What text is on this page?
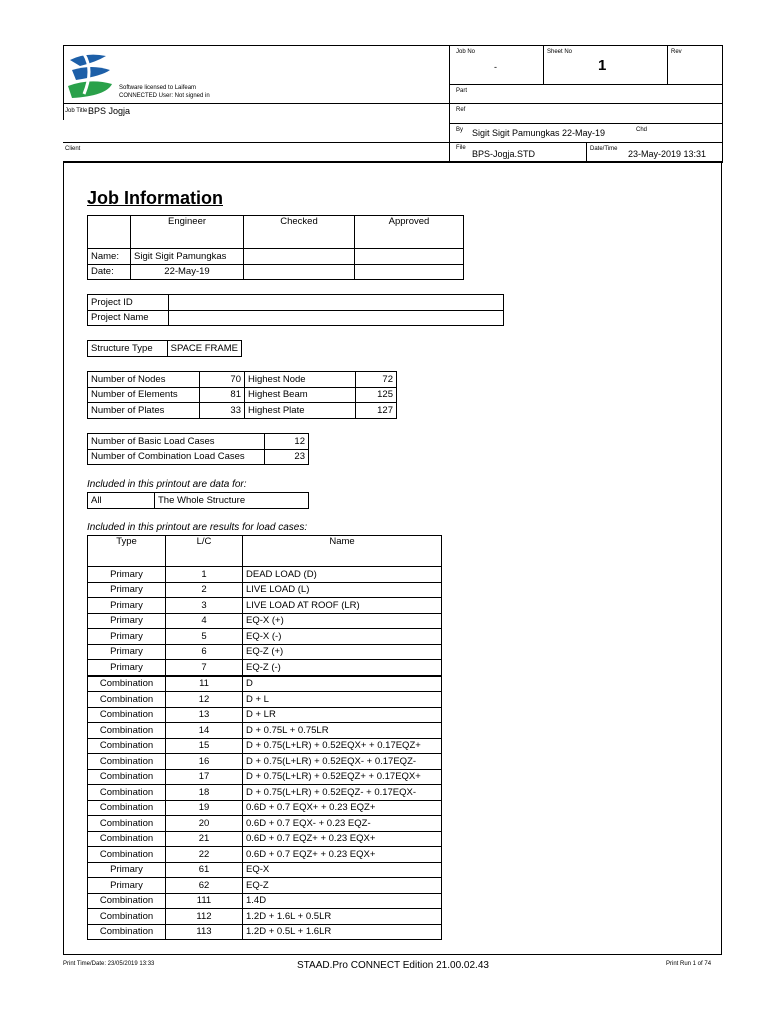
Software licensed to Laifeam
CONNECTED User: Not signed in
Job No
-
Sheet No
1
Rev
Part
Ref
Job Title BPS Jogja
By Sigit Sigit Pamungkas 22-May-19	Chd
Client	File
BPS-Jogja.STD	Date/Time 23-May-2019 13:31
Job Information
	Engineer	Checked	Approved
Name:	Sigit Sigit Pamungkas		
Date:	22-May-19		
Project ID	
Project Name	
Structure Type	SPACE FRAME
Number of Nodes	70	Highest Node	72
Number of Elements	81	Highest Beam	125
Number of Plates	33	Highest Plate	127
Number of Basic Load Cases	12
Number of Combination Load Cases	23
Included in this printout are data for:
All	The Whole Structure
Included in this printout are results for load cases:
Type	L/C	Name
Primary	1	DEAD LOAD (D)
Primary	2	LIVE LOAD (L)
Primary	3	LIVE LOAD AT ROOF (LR)
Primary	4	EQ-X (+)
Primary	5	EQ-X (-)
Primary	6	EQ-Z (+)
Primary	7	EQ-Z (-)
Combination	11	D
Combination	12	D + L
Combination	13	D + LR
Combination	14	D + 0.75L + 0.75LR
Combination	15	D + 0.75(L+LR) + 0.52EQX+ + 0.17EQZ+
Combination	16	D + 0.75(L+LR) + 0.52EQX- + 0.17EQZ-
Combination	17	D + 0.75(L+LR) + 0.52EQZ+ + 0.17EQX+
Combination	18	D + 0.75(L+LR) + 0.52EQZ- + 0.17EQX-
Combination	19	0.6D + 0.7 EQX+ + 0.23 EQZ+
Combination	20	0.6D + 0.7 EQX- + 0.23 EQZ-
Combination	21	0.6D + 0.7 EQZ+ + 0.23 EQX+
Combination	22	0.6D + 0.7 EQZ+ + 0.23 EQX+
Primary	61	EQ-X
Primary	62	EQ-Z
Combination	111	1.4D
Combination	112	1.2D + 1.6L + 0.5LR
Combination	113	1.2D + 0.5L + 1.6LR
Print Time/Date: 23/05/2019 13:33	STAAD.Pro CONNECT Edition 21.00.02.43	Print Run 1 of 74
